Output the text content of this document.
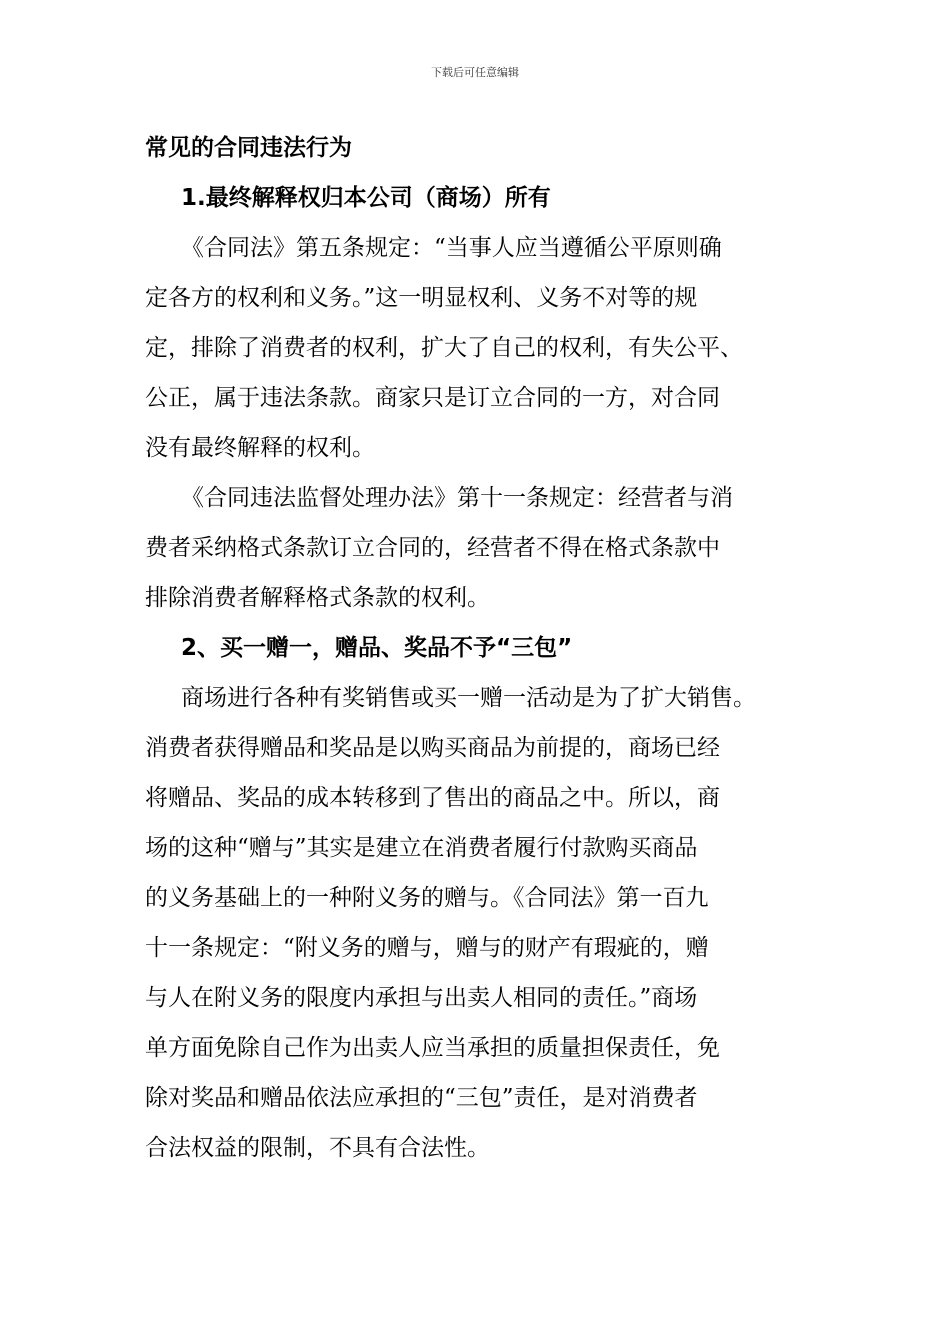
下载后可任意编辑
常见的合同违法行为
1.最终解释权归本公司（商场）所有
《合同法》第五条规定：“当事人应当遵循公平原则确
定各方的权利和义务。”这一明显权利、义务不对等的规
定，排除了消费者的权利，扩大了自己的权利，有失公平、
公正，属于违法条款。商家只是订立合同的一方，对合同
没有最终解释的权利。
《合同违法监督处理办法》第十一条规定：经营者与消
费者采纳格式条款订立合同的，经营者不得在格式条款中
排除消费者解释格式条款的权利。
2、买一赠一，赠品、奖品不予“三包”
商场进行各种有奖销售或买一赠一活动是为了扩大销售。
消费者获得赠品和奖品是以购买商品为前提的，商场已经
将赠品、奖品的成本转移到了售出的商品之中。所以，商
场的这种“赠与”其实是建立在消费者履行付款购买商品
的义务基础上的一种附义务的赠与。《合同法》第一百九
十一条规定：“附义务的赠与，赠与的财产有瑕疵的，赠
与人在附义务的限度内承担与出卖人相同的责任。”商场
单方面免除自己作为出卖人应当承担的质量担保责任，免
除对奖品和赠品依法应承担的“三包”责任，是对消费者
合法权益的限制，不具有合法性。
